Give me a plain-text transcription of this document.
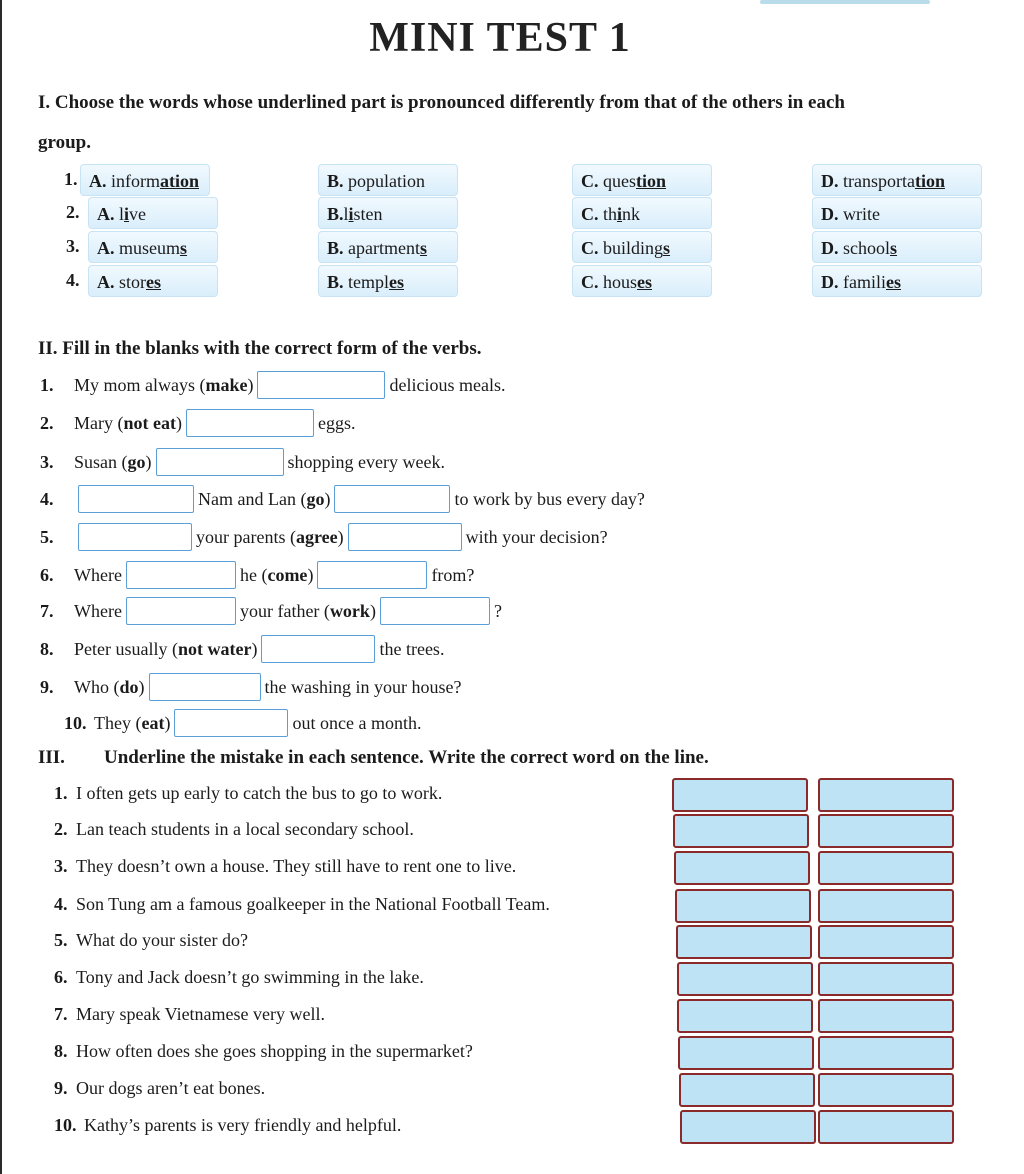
MINI TEST 1
I. Choose the words whose underlined part is pronounced differently from that of the others in each
group.
1. A. information	B. population	C. question	D. transportation
2. A. live	B.listen	C. think	D. write
3. A. museums	B. apartments	C. buildings	D. schools
4. A. stores	B. temples	C. houses	D. families
II. Fill in the blanks with the correct form of the verbs.
1.	My mom always ( make )	delicious meals.
2.	Mary ( not eat )	eggs.
3.	Susan ( go )	shopping every week.
4.	Nam and Lan ( go )	to work by bus every day?
5.	your parents ( agree )	with your decision?
6.	Where	he ( come )	from?
7.	Where	your father ( work )	?
8.	Peter usually ( not water )	the trees.
9.	Who ( do )	the washing in your house?
10. They ( eat )	out once a month.
III. Underline the mistake in each sentence. Write the correct word on the line.
1. I often gets up early to catch the bus to go to work.
2. Lan teach students in a local secondary school.
3. They doesn’t own a house. They still have to rent one to live.
4. Son Tung am a famous goalkeeper in the National Football Team.
5. What do your sister do?
6. Tony and Jack doesn’t go swimming in the lake.
7. Mary speak Vietnamese very well.
8. How often does she goes shopping in the supermarket?
9. Our dogs aren’t eat bones.
10. Kathy’s parents is very friendly and helpful.
